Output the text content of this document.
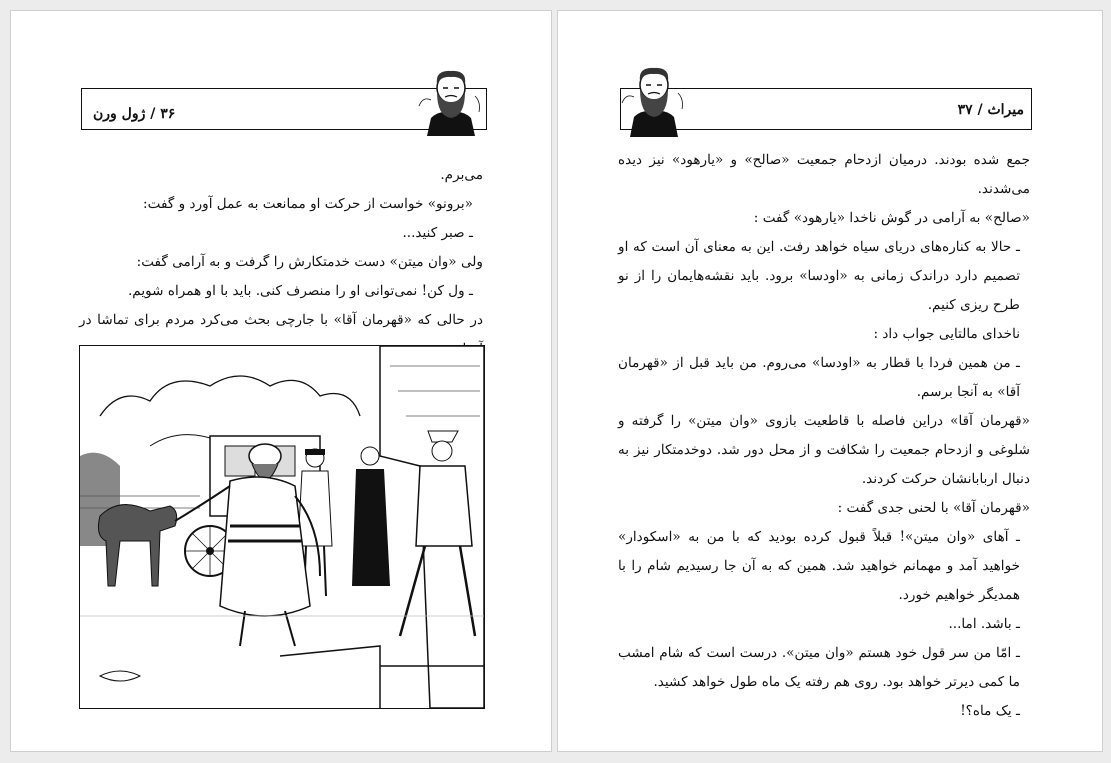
۳۶ / ژول ورن

می‌برم.

«برونو» خواست از حرکت او ممانعت به عمل آورد و گفت:

ـ صبر کنید...

ولی «وان میتن» دست خدمتکارش را گرفت و به آرامی گفت:

ـ ول کن! نمی‌توانی او را منصرف کنی. باید با او همراه شویم.

در حالی که «قهرمان آقا» با جارچی بحث می‌کرد مردم برای تماشا در

میراث / ۳۷

جمع شده بودند. درمیان ازدحام جمعیت «صالح» و «یارهود» نیز دیده می‌شدند.

«صالح» به آرامی در گوش ناخدا «یارهود» گفت :

ـ حالا به کناره‌های دریای سیاه خواهد رفت. این به معنای آن است که او تصمیم دارد دراندک زمانی به «اودسا» برود. باید نقشه‌هایمان را از نو طرح ریزی کنیم.

ناخدای مالتایی جواب داد :

ـ من همین فردا با قطار به «اودسا» می‌روم. من باید قبل از «قهرمان آقا» به آنجا برسم.

«قهرمان آقا» دراین فاصله با قاطعیت بازوی «وان میتن» را گرفته و شلوغی و ازدحام جمعیت را شکافت و از محل دور شد. دوخدمتکار نیز به دنبال اربابانشان حرکت کردند.

«قهرمان آقا» با لحنی جدی گفت :

ـ آهای «وان میتن»! قبلاً قبول کرده بودید که با من به «اسکودار» خواهید آمد و مهمانم خواهید شد. همین که به آن جا رسیدیم شام را با همدیگر خواهیم خورد.

ـ باشد. اما...

ـ امّا من سر قول خود هستم «وان میتن». درست است که شام امشب ما کمی دیرتر خواهد بود. روی هم رفته یک ماه طول خواهد کشید.

ـ یک ماه؟!
